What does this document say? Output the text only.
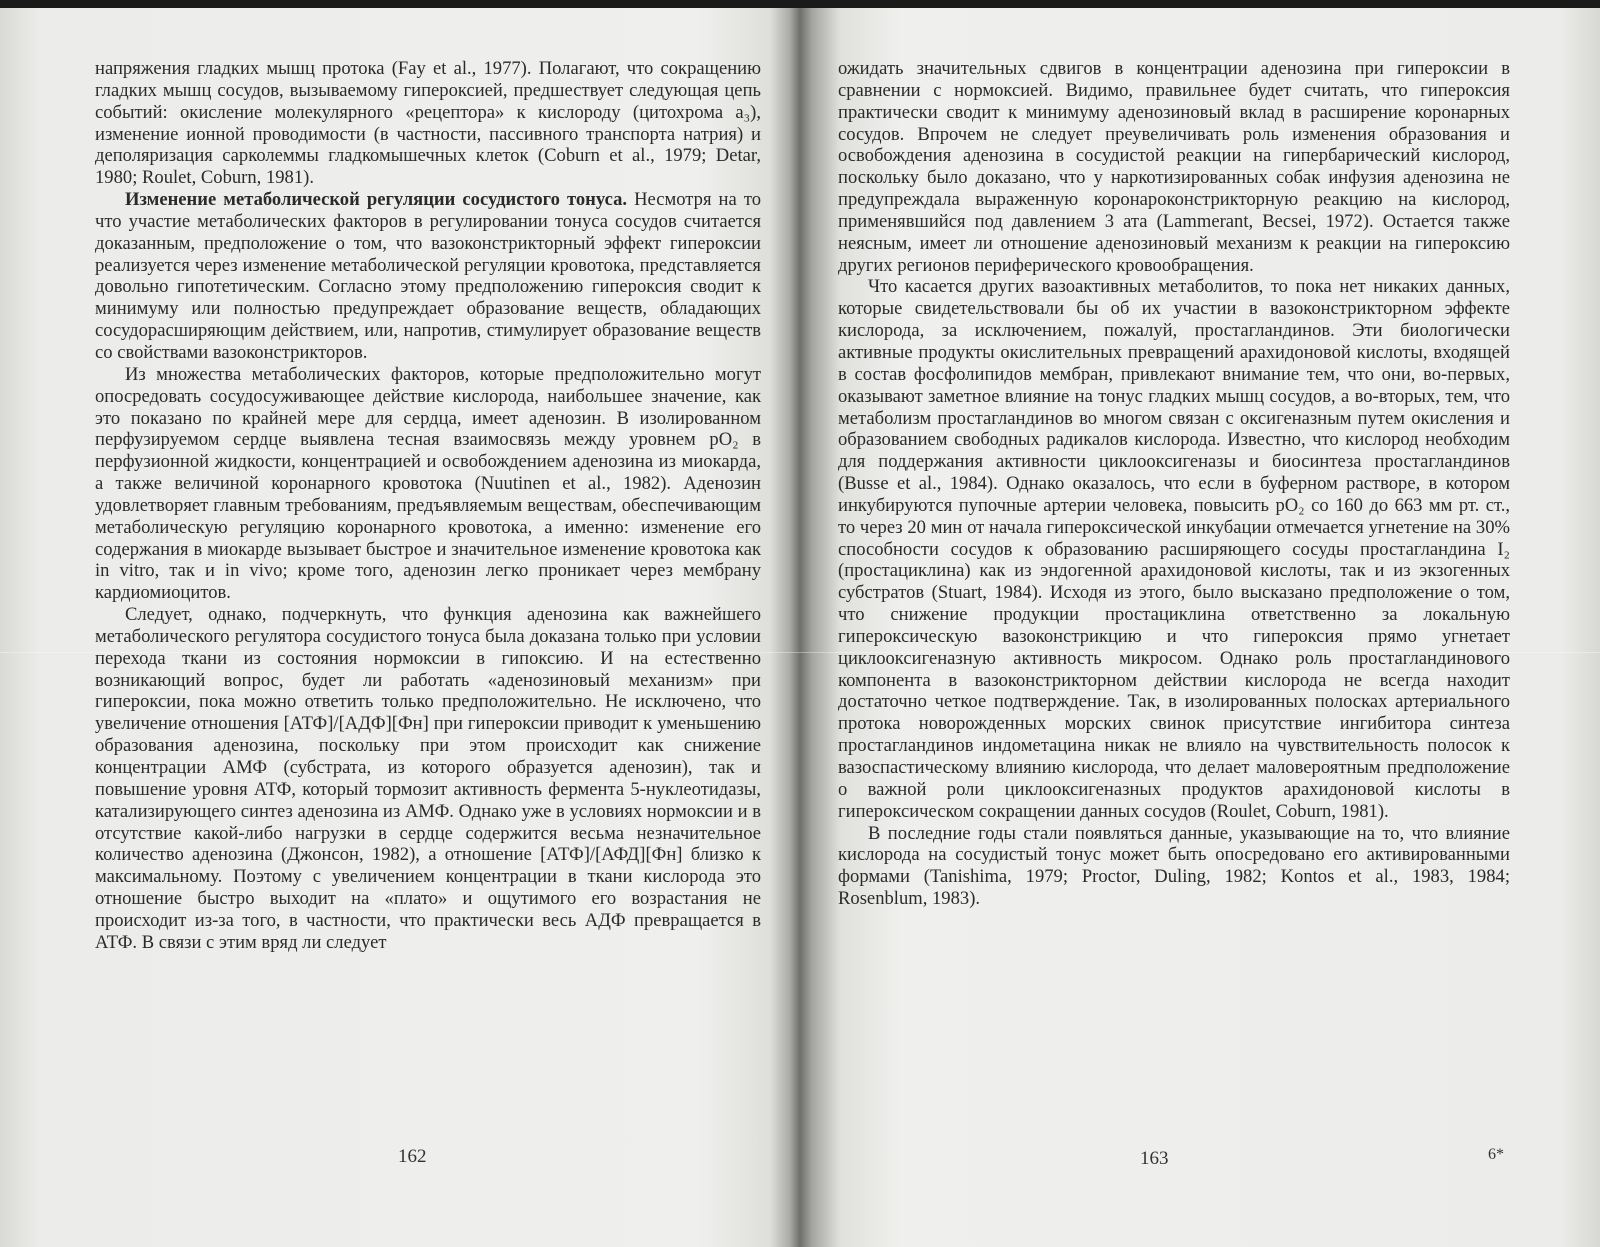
напряжения гладких мышц протока (Fay et al., 1977). Полагают, что сокращению гладких мышц сосудов, вызываемому гипероксией, предшествует следующая цепь событий: окисление молекулярного «рецептора» к кислороду (цитохрома a₃), изменение ионной проводимости (в частности, пассивного транспорта натрия) и деполяризация сарколеммы гладкомышечных клеток (Coburn et al., 1979; Detar, 1980; Roulet, Coburn, 1981).

Изменение метаболической регуляции сосудистого тонуса. Несмотря на то что участие метаболических факторов в регулировании тонуса сосудов считается доказанным, предположение о том, что вазоконстрикторный эффект гипероксии реализуется через изменение метаболической регуляции кровотока, представляется довольно гипотетическим. Согласно этому предположению гипероксия сводит к минимуму или полностью предупреждает образование веществ, обладающих сосудорасширяющим действием, или, напротив, стимулирует образование веществ со свойствами вазоконстрикторов.

Из множества метаболических факторов, которые предположительно могут опосредовать сосудосуживающее действие кислорода, наибольшее значение, как это показано по крайней мере для сердца, имеет аденозин. В изолированном перфузируемом сердце выявлена тесная взаимосвязь между уровнем pO₂ в перфузионной жидкости, концентрацией и освобождением аденозина из миокарда, а также величиной коронарного кровотока (Nuutinen et al., 1982). Аденозин удовлетворяет главным требованиям, предъявляемым веществам, обеспечивающим метаболическую регуляцию коронарного кровотока, а именно: изменение его содержания в миокарде вызывает быстрое и значительное изменение кровотока как in vitro, так и in vivo; кроме того, аденозин легко проникает через мембрану кардиомиоцитов.

Следует, однако, подчеркнуть, что функция аденозина как важнейшего метаболического регулятора сосудистого тонуса была доказана только при условии перехода ткани из состояния нормоксии в гипоксию. И на естественно возникающий вопрос, будет ли работать «аденозиновый механизм» при гипероксии, пока можно ответить только предположительно. Не исключено, что увеличение отношения [АТФ]/[АДФ][Фн] при гипероксии приводит к уменьшению образования аденозина, поскольку при этом происходит как снижение концентрации АМФ (субстрата, из которого образуется аденозин), так и повышение уровня АТФ, который тормозит активность фермента 5-нуклеотидазы, катализирующего синтез аденозина из АМФ. Однако уже в условиях нормоксии и в отсутствие какой-либо нагрузки в сердце содержится весьма незначительное количество аденозина (Джонсон, 1982), а отношение [АТФ]/[АФД][Фн] близко к максимальному. Поэтому с увеличением концентрации в ткани кислорода это отношение быстро выходит на «плато» и ощутимого его возрастания не происходит из-за того, в частности, что практически весь АДФ превращается в АТФ. В связи с этим вряд ли следует

162

ожидать значительных сдвигов в концентрации аденозина при гипероксии в сравнении с нормоксией. Видимо, правильнее будет считать, что гипероксия практически сводит к минимуму аденозиновый вклад в расширение коронарных сосудов. Впрочем не следует преувеличивать роль изменения образования и освобождения аденозина в сосудистой реакции на гипербарический кислород, поскольку было доказано, что у наркотизированных собак инфузия аденозина не предупреждала выраженную коронароконстрикторную реакцию на кислород, применявшийся под давлением 3 ата (Lammerant, Becsei, 1972). Остается также неясным, имеет ли отношение аденозиновый механизм к реакции на гипероксию других регионов периферического кровообращения.

Что касается других вазоактивных метаболитов, то пока нет никаких данных, которые свидетельствовали бы об их участии в вазоконстрикторном эффекте кислорода, за исключением, пожалуй, простагландинов. Эти биологически активные продукты окислительных превращений арахидоновой кислоты, входящей в состав фосфолипидов мембран, привлекают внимание тем, что они, во-первых, оказывают заметное влияние на тонус гладких мышц сосудов, а во-вторых, тем, что метаболизм простагландинов во многом связан с оксигеназным путем окисления и образованием свободных радикалов кислорода. Известно, что кислород необходим для поддержания активности циклооксигеназы и биосинтеза простагландинов (Busse et al., 1984). Однако оказалось, что если в буферном растворе, в котором инкубируются пупочные артерии человека, повысить pO₂ со 160 до 663 мм рт. ст., то через 20 мин от начала гипероксической инкубации отмечается угнетение на 30% способности сосудов к образованию расширяющего сосуды простагландина I₂ (простациклина) как из эндогенной арахидоновой кислоты, так и из экзогенных субстратов (Stuart, 1984). Исходя из этого, было высказано предположение о том, что снижение продукции простациклина ответственно за локальную гипероксическую вазоконстрикцию и что гипероксия прямо угнетает циклооксигеназную активность микросом. Однако роль простагландинового компонента в вазоконстрикторном действии кислорода не всегда находит достаточно четкое подтверждение. Так, в изолированных полосках артериального протока новорожденных морских свинок присутствие ингибитора синтеза простагландинов индометацина никак не влияло на чувствительность полосок к вазоспастическому влиянию кислорода, что делает маловероятным предположение о важной роли циклооксигеназных продуктов арахидоновой кислоты в гипероксическом сокращении данных сосудов (Roulet, Coburn, 1981).

В последние годы стали появляться данные, указывающие на то, что влияние кислорода на сосудистый тонус может быть опосредовано его активированными формами (Tanishima, 1979; Proctor, Duling, 1982; Kontos et al., 1983, 1984; Rosenblum, 1983).

163	6*
